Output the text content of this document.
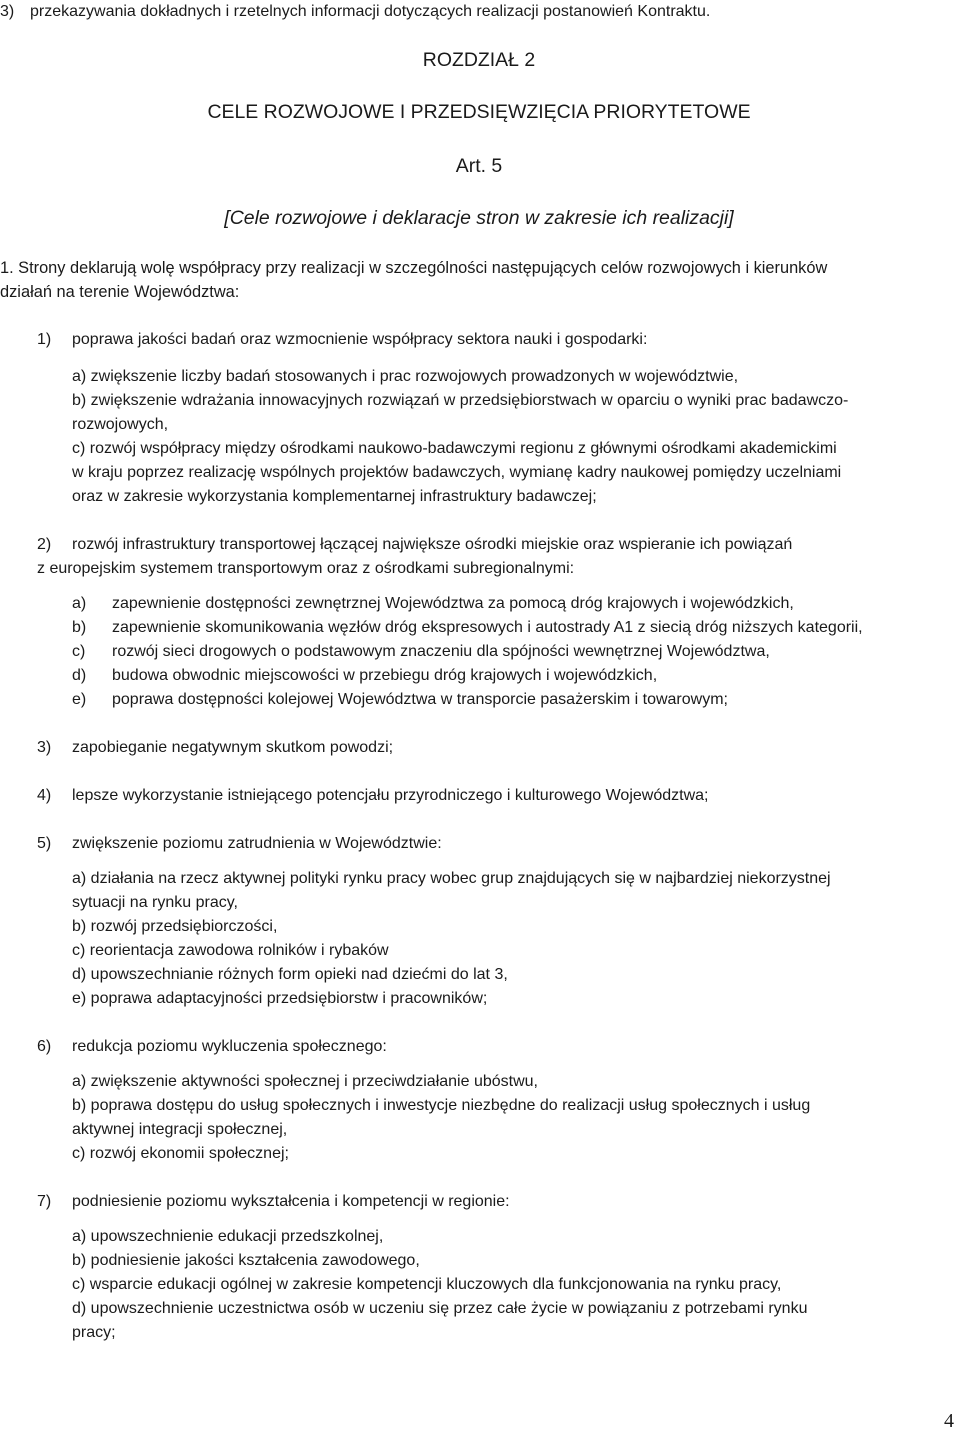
3) przekazywania dokładnych i rzetelnych informacji dotyczących realizacji postanowień Kontraktu.
ROZDZIAŁ 2
CELE ROZWOJOWE I PRZEDSIĘWZIĘCIA PRIORYTETOWE
Art. 5
[Cele rozwojowe i deklaracje stron w zakresie ich realizacji]
1. Strony deklarują wolę współpracy przy realizacji w szczególności następujących celów rozwojowych i kierunków
działań na terenie Województwa:
1) poprawa jakości badań oraz wzmocnienie współpracy sektora nauki i gospodarki:
a) zwiększenie liczby badań stosowanych i prac rozwojowych prowadzonych w województwie,
b) zwiększenie wdrażania innowacyjnych rozwiązań w przedsiębiorstwach w oparciu o wyniki prac badawczo-
rozwojowych,
c) rozwój współpracy między ośrodkami naukowo-badawczymi regionu z głównymi ośrodkami akademickimi
w kraju poprzez realizację wspólnych projektów badawczych, wymianę kadry naukowej pomiędzy uczelniami
oraz w zakresie wykorzystania komplementarnej infrastruktury badawczej;
2) rozwój infrastruktury transportowej łączącej największe ośrodki miejskie oraz wspieranie ich powiązań
z europejskim systemem transportowym oraz z ośrodkami subregionalnymi:
a) zapewnienie dostępności zewnętrznej Województwa za pomocą dróg krajowych i wojewódzkich,
b) zapewnienie skomunikowania węzłów dróg ekspresowych i autostrady A1 z siecią dróg niższych kategorii,
c) rozwój sieci drogowych o podstawowym znaczeniu dla spójności wewnętrznej Województwa,
d) budowa obwodnic miejscowości w przebiegu dróg krajowych i wojewódzkich,
e) poprawa dostępności kolejowej Województwa w transporcie pasażerskim i towarowym;
3) zapobieganie negatywnym skutkom powodzi;
4) lepsze wykorzystanie istniejącego potencjału przyrodniczego i kulturowego Województwa;
5) zwiększenie poziomu zatrudnienia w Województwie:
a) działania na rzecz aktywnej polityki rynku pracy wobec grup znajdujących się w najbardziej niekorzystnej
sytuacji na rynku pracy,
b) rozwój przedsiębiorczości,
c) reorientacja zawodowa rolników i rybaków
d) upowszechnianie różnych form opieki nad dziećmi do lat 3,
e) poprawa adaptacyjności przedsiębiorstw i pracowników;
6) redukcja poziomu wykluczenia społecznego:
a) zwiększenie aktywności społecznej i przeciwdziałanie ubóstwu,
b) poprawa dostępu do usług społecznych i inwestycje niezbędne do realizacji usług społecznych i usług
aktywnej integracji społecznej,
c) rozwój ekonomii społecznej;
7) podniesienie poziomu wykształcenia i kompetencji w regionie:
a) upowszechnienie edukacji przedszkolnej,
b) podniesienie jakości kształcenia zawodowego,
c) wsparcie edukacji ogólnej w zakresie kompetencji kluczowych dla funkcjonowania na rynku pracy,
d) upowszechnienie uczestnictwa osób w uczeniu się przez całe życie w powiązaniu z potrzebami rynku
pracy;
4
